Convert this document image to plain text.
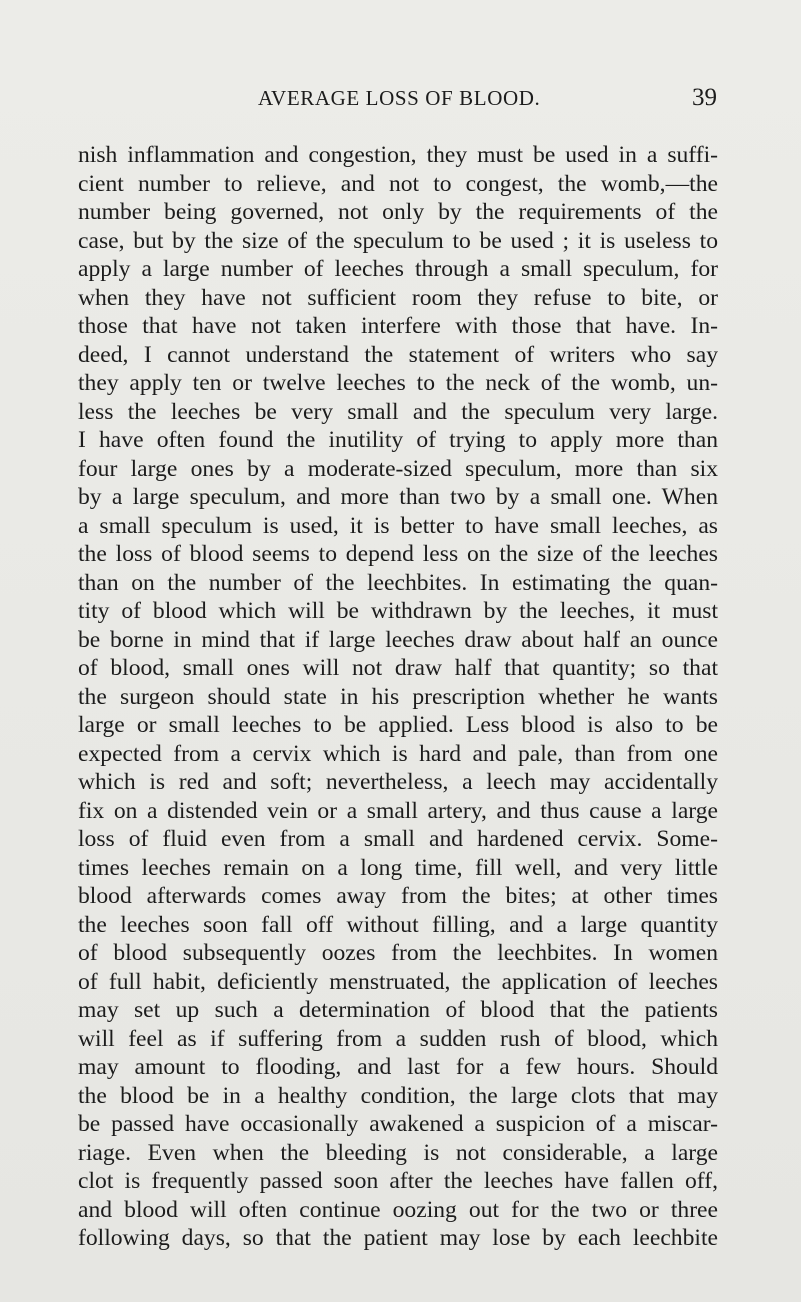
AVERAGE LOSS OF BLOOD.	39
nish inflammation and congestion, they must be used in a suffi-
cient number to relieve, and not to congest, the womb,—the
number being governed, not only by the requirements of the
case, but by the size of the speculum to be used ; it is useless to
apply a large number of leeches through a small speculum, for
when they have not sufficient room they refuse to bite, or
those that have not taken interfere with those that have. In-
deed, I cannot understand the statement of writers who say
they apply ten or twelve leeches to the neck of the womb, un-
less the leeches be very small and the speculum very large.
I have often found the inutility of trying to apply more than
four large ones by a moderate-sized speculum, more than six
by a large speculum, and more than two by a small one. When
a small speculum is used, it is better to have small leeches, as
the loss of blood seems to depend less on the size of the leeches
than on the number of the leechbites. In estimating the quan-
tity of blood which will be withdrawn by the leeches, it must
be borne in mind that if large leeches draw about half an ounce
of blood, small ones will not draw half that quantity; so that
the surgeon should state in his prescription whether he wants
large or small leeches to be applied. Less blood is also to be
expected from a cervix which is hard and pale, than from one
which is red and soft; nevertheless, a leech may accidentally
fix on a distended vein or a small artery, and thus cause a large
loss of fluid even from a small and hardened cervix. Some-
times leeches remain on a long time, fill well, and very little
blood afterwards comes away from the bites; at other times
the leeches soon fall off without filling, and a large quantity
of blood subsequently oozes from the leechbites. In women
of full habit, deficiently menstruated, the application of leeches
may set up such a determination of blood that the patients
will feel as if suffering from a sudden rush of blood, which
may amount to flooding, and last for a few hours. Should
the blood be in a healthy condition, the large clots that may
be passed have occasionally awakened a suspicion of a miscar-
riage. Even when the bleeding is not considerable, a large
clot is frequently passed soon after the leeches have fallen off,
and blood will often continue oozing out for the two or three
following days, so that the patient may lose by each leechbite
